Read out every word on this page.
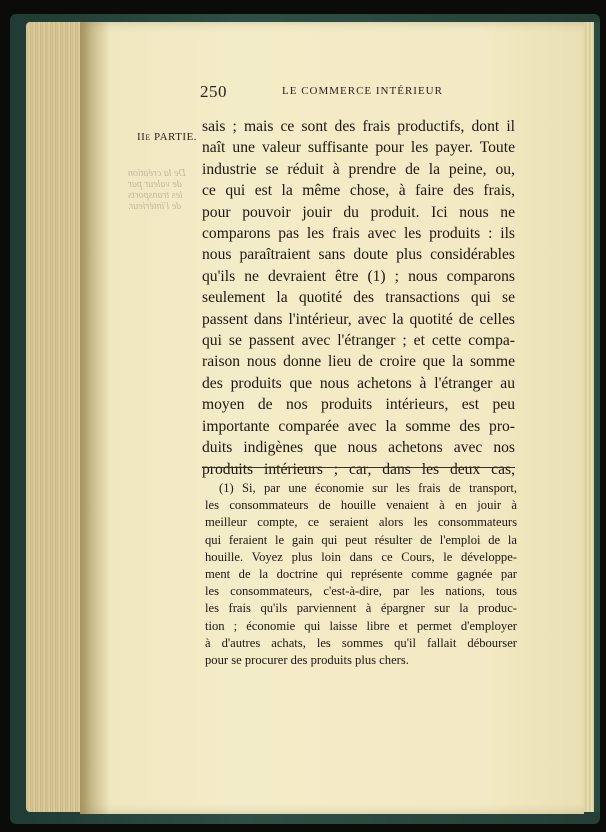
250	LE COMMERCE INTÉRIEUR
IIe PARTIE.
De la création
de valeur par
les transports
de l'intérieur.
sais ; mais ce sont des frais productifs, dont il
naît une valeur suffisante pour les payer. Toute
industrie se réduit à prendre de la peine, ou,
ce qui est la même chose, à faire des frais,
pour pouvoir jouir du produit. Ici nous ne
comparons pas les frais avec les produits : ils
nous paraîtraient sans doute plus considérables
qu'ils ne devraient être (1) ; nous comparons
seulement la quotité des transactions qui se
passent dans l'intérieur, avec la quotité de celles
qui se passent avec l'étranger ; et cette compa-
raison nous donne lieu de croire que la somme
des produits que nous achetons à l'étranger au
moyen de nos produits intérieurs, est peu
importante comparée avec la somme des pro-
duits indigènes que nous achetons avec nos
produits intérieurs ; car, dans les deux cas,
(1) Si, par une économie sur les frais de transport,
les consommateurs de houille venaient à en jouir à
meilleur compte, ce seraient alors les consommateurs
qui feraient le gain qui peut résulter de l'emploi de la
houille. Voyez plus loin dans ce Cours, le développe-
ment de la doctrine qui représente comme gagnée par
les consommateurs, c'est-à-dire, par les nations, tous
les frais qu'ils parviennent à épargner sur la produc-
tion ; économie qui laisse libre et permet d'employer
à d'autres achats, les sommes qu'il fallait débourser
pour se procurer des produits plus chers.
